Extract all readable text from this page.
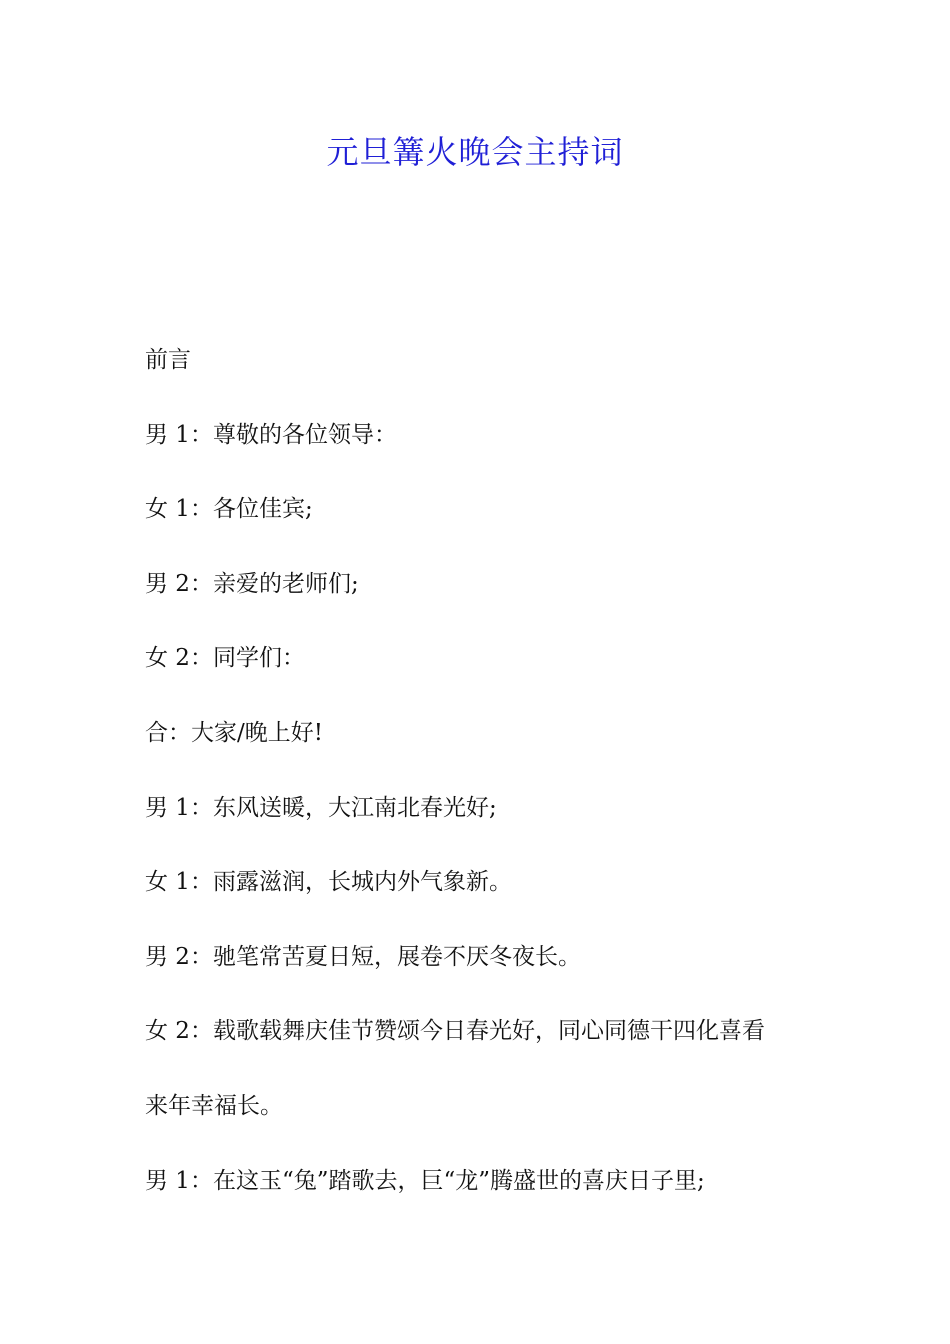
元旦篝火晚会主持词
前言
男 1：尊敬的各位领导：
女 1：各位佳宾;
男 2：亲爱的老师们;
女 2：同学们：
合：大家/晚上好!
男 1：东风送暖，大江南北春光好;
女 1：雨露滋润，长城内外气象新。
男 2：驰笔常苦夏日短，展卷不厌冬夜长。
女 2：载歌载舞庆佳节赞颂今日春光好，同心同德干四化喜看
来年幸福长。
男 1：在这玉“兔”踏歌去，巨“龙”腾盛世的喜庆日子里;
